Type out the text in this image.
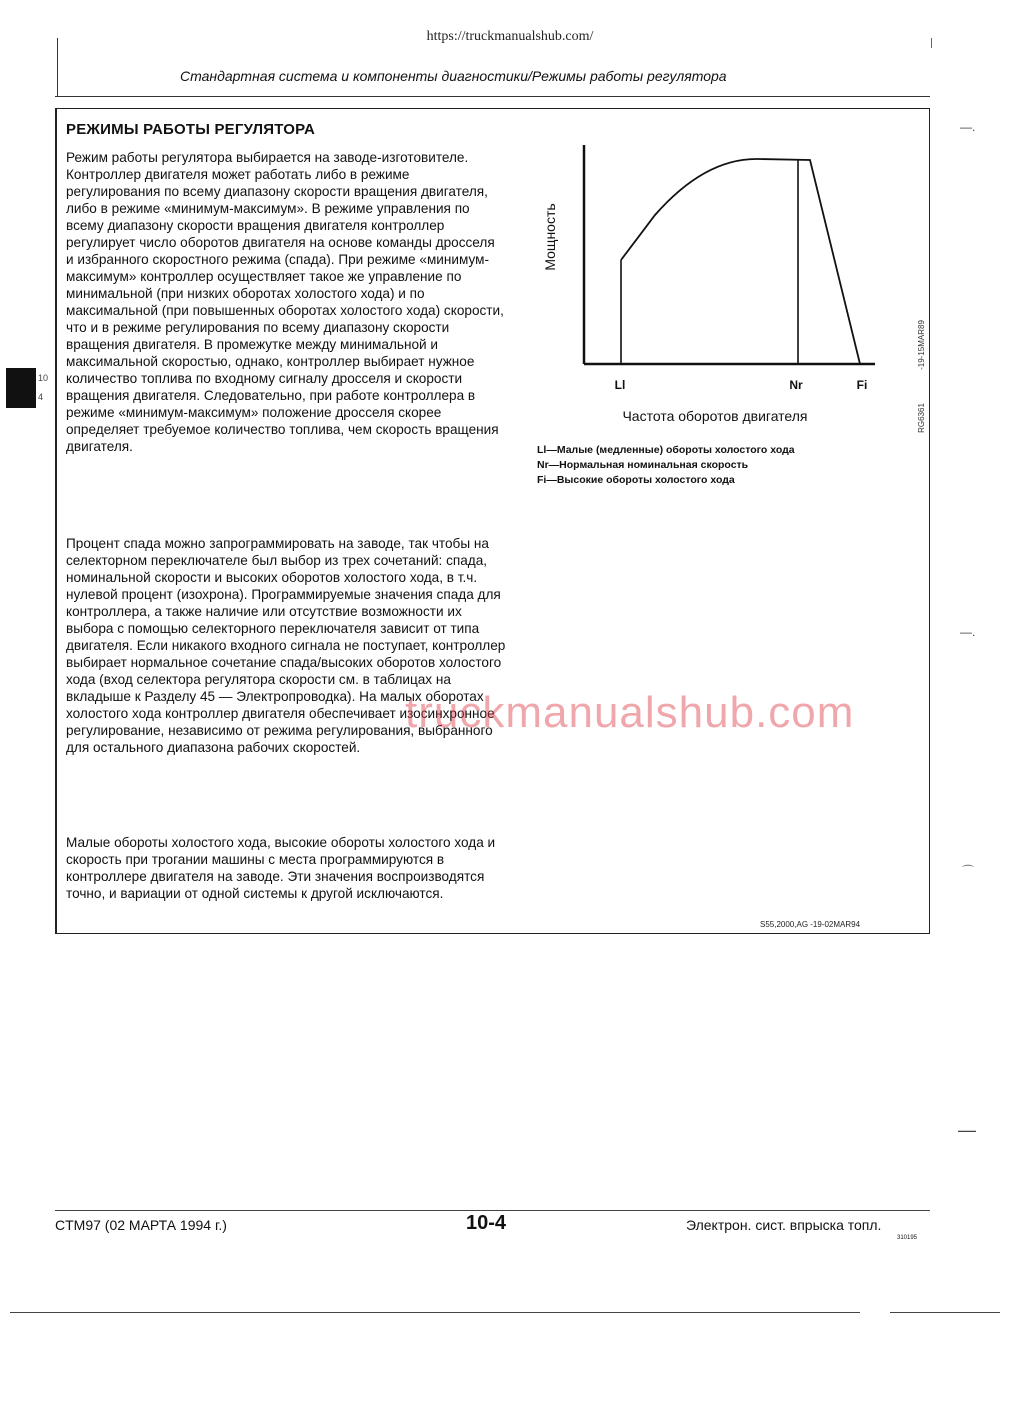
https://truckmanualshub.com/
Стандартная система и компоненты диагностики/Режимы работы регулятора
10
4
РЕЖИМЫ РАБОТЫ РЕГУЛЯТОРА

Режим работы регулятора выбирается на заводе-изготовителе. Контроллер двигателя может работать либо в режиме регулирования по всему диапазону скорости вращения двигателя, либо в режиме «минимум-максимум». В режиме управления по всему диапазону скорости вращения двигателя контроллер регулирует число оборотов двигателя на основе команды дросселя и избранного скоростного режима (спада). При режиме «минимум-максимум» контроллер осуществляет такое же управление по минимальной (при низких оборотах холостого хода) и по максимальной (при повышенных оборотах холостого хода) скорости, что и в режиме регулирования по всему диапазону скорости вращения двигателя. В промежутке между минимальной и максимальной скоростью, однако, контроллер выбирает нужное количество топлива по входному сигналу дросселя и скорости вращения двигателя. Следовательно, при работе контроллера в режиме «минимум-максимум» положение дросселя скорее определяет требуемое количество топлива, чем скорость вращения двигателя.

Процент спада можно запрограммировать на заводе, так чтобы на селекторном переключателе был выбор из трех сочетаний: спада, номинальной скорости и высоких оборотов холостого хода, в т.ч. нулевой процент (изохрона). Программируемые значения спада для контроллера, а также наличие или отсутствие возможности их выбора с помощью селекторного переключателя зависит от типа двигателя. Если никакого входного сигнала не поступает, контроллер выбирает нормальное сочетание спада/высоких оборотов холостого хода (вход селектора регулятора скорости см. в таблицах на вкладыше к Разделу 45 — Электропроводка). На малых оборотах холостого хода контроллер двигателя обеспечивает изосинхронное регулирование, независимо от режима регулирования, выбранного для остального диапазона рабочих скоростей.

Малые обороты холостого хода, высокие обороты холостого хода и скорость при трогании машины с места программируются в контроллере двигателя на заводе. Эти значения воспроизводятся точно, и вариации от одной системы к другой исключаются.

truckmanualshub.com
Мощность
Ll	Nr	Fi
Частота оборотов двигателя	RG6361
-19-15MAR89
Ll—Малые (медленные) обороты холостого хода
Nr—Нормальная номинальная скорость
Fi—Высокие обороты холостого хода
S55,2000,AG -19-02MAR94
—.
—.
⌒
—
CTM97 (02 МАРТА 1994 г.)	10-4	Электрон. сист. впрыска топл.
310195
